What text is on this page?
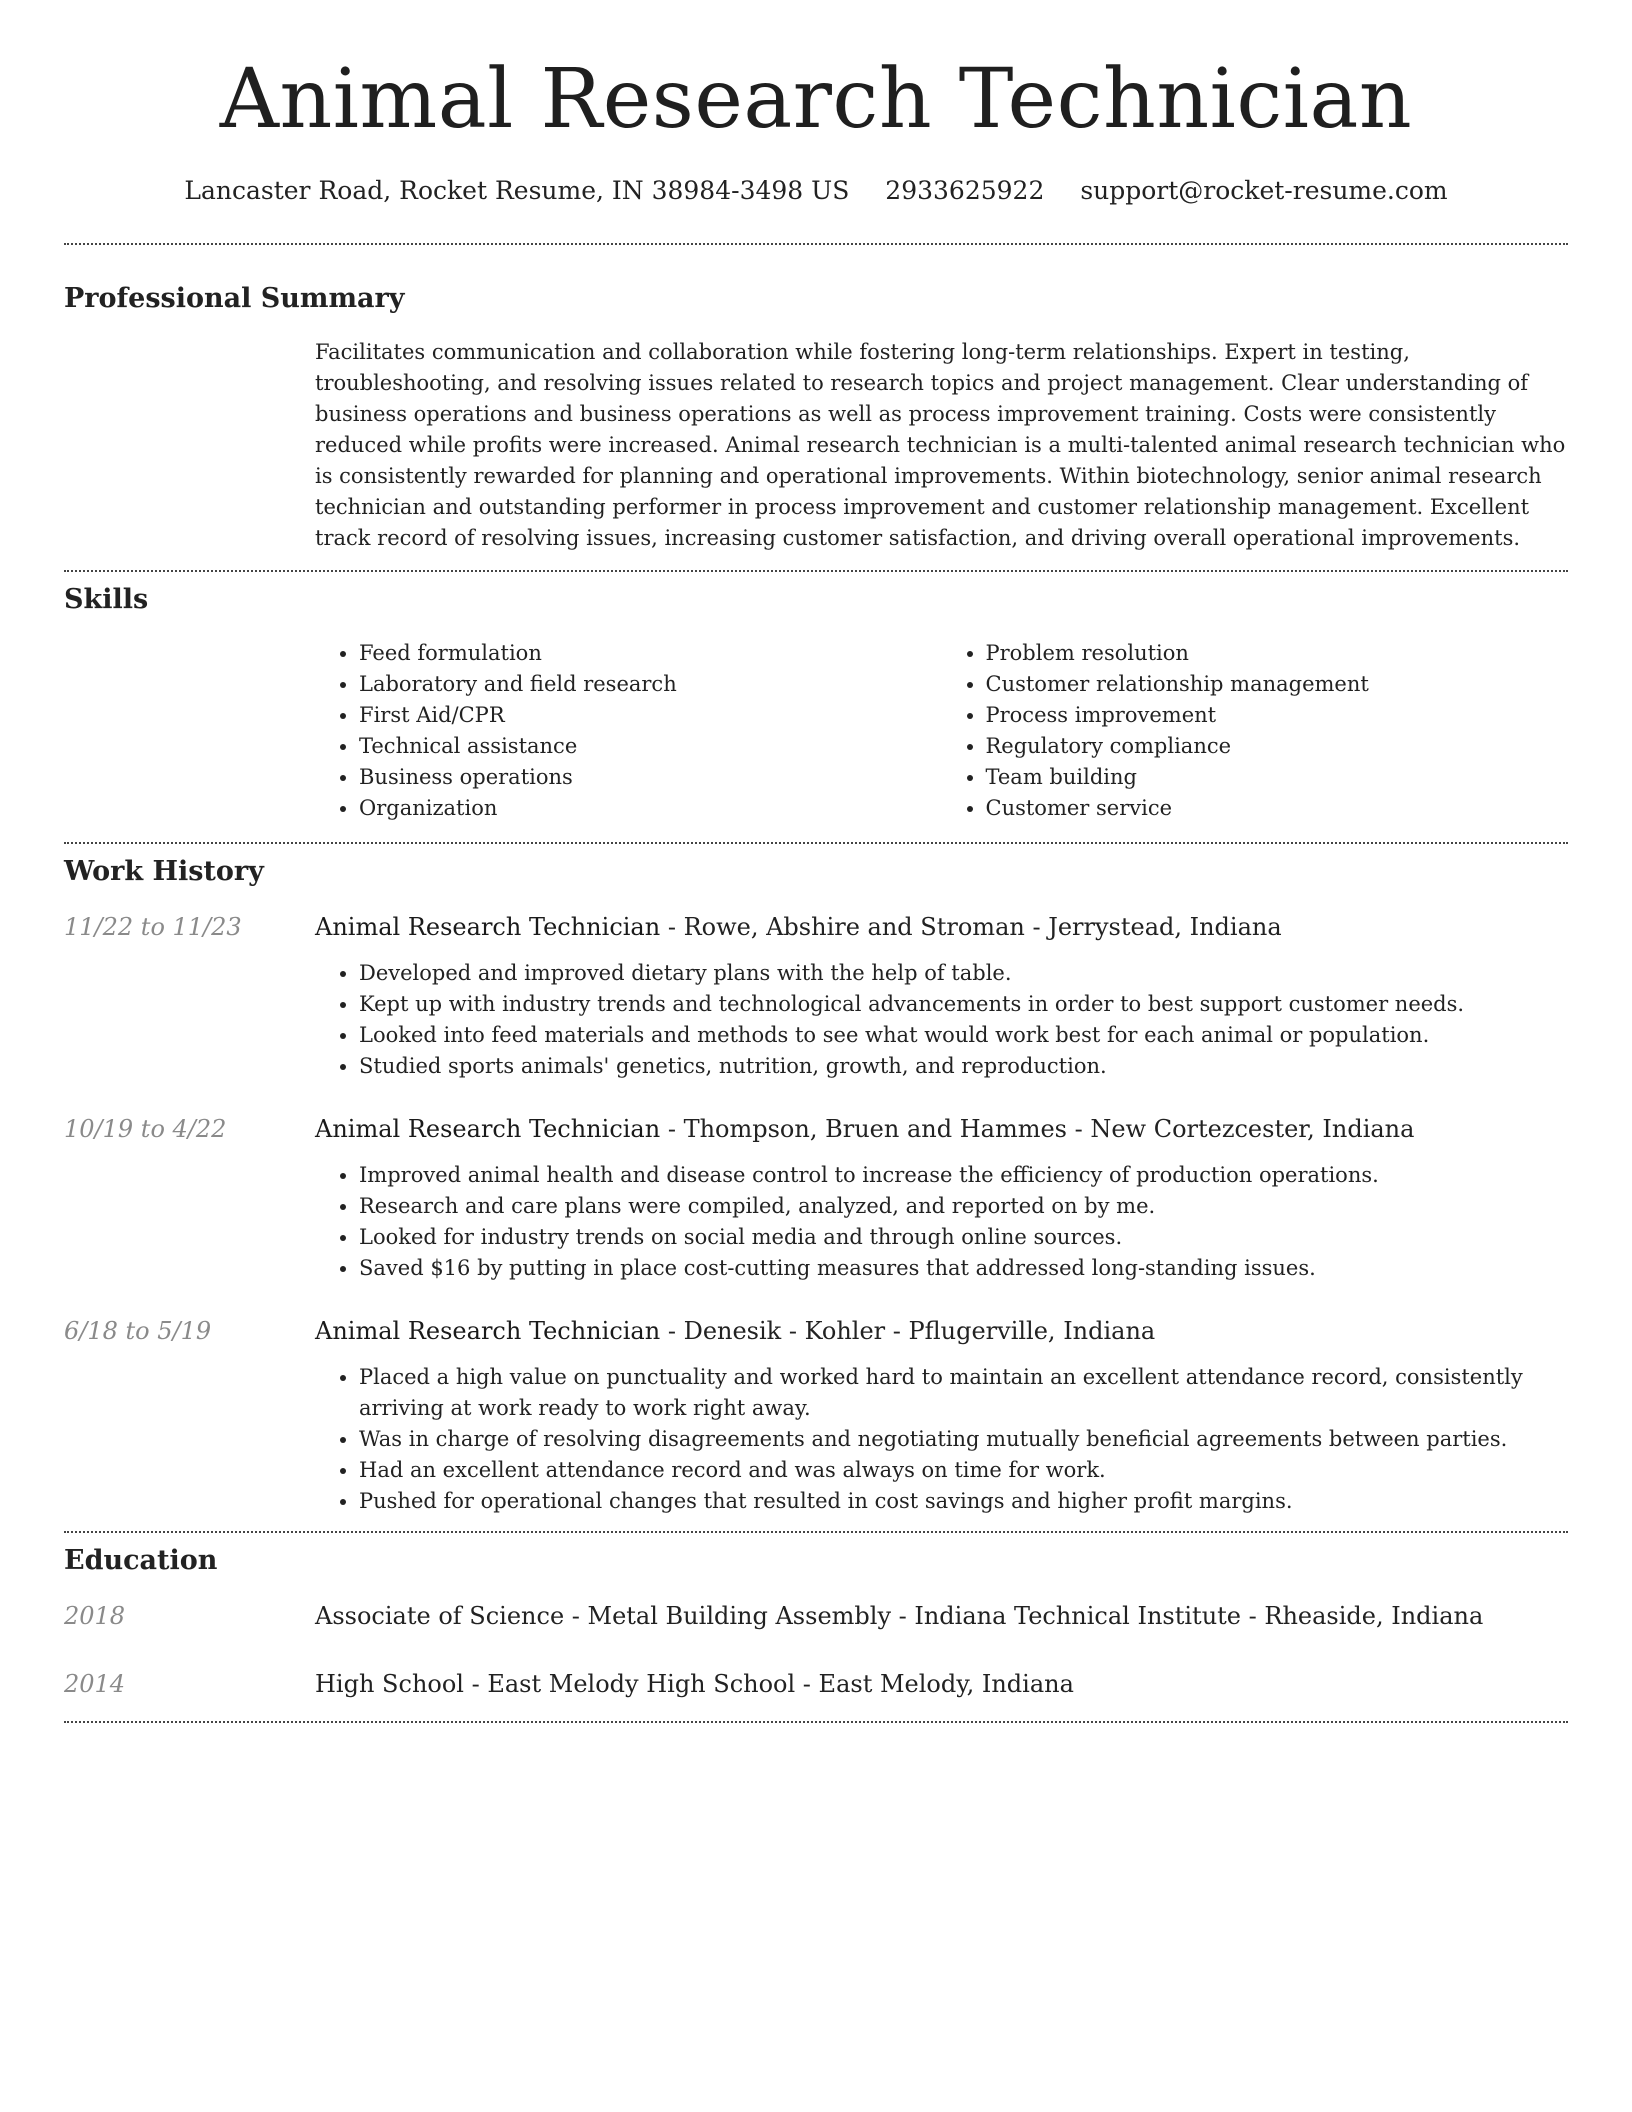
Animal Research Technician
Lancaster Road, Rocket Resume, IN 38984-3498 US 2933625922 support@rocket-resume.com
Professional Summary
Facilitates communication and collaboration while fostering long-term relationships. Expert in testing, troubleshooting, and resolving issues related to research topics and project management. Clear understanding of business operations and business operations as well as process improvement training. Costs were consistently reduced while profits were increased. Animal research technician is a multi-talented animal research technician who is consistently rewarded for planning and operational improvements. Within biotechnology, senior animal research technician and outstanding performer in process improvement and customer relationship management. Excellent track record of resolving issues, increasing customer satisfaction, and driving overall operational improvements.
Skills
• Feed formulation
• Laboratory and field research
• First Aid/CPR
• Technical assistance
• Business operations
• Organization
• Problem resolution
• Customer relationship management
• Process improvement
• Regulatory compliance
• Team building
• Customer service
Work History
11/22 to 11/23	Animal Research Technician - Rowe, Abshire and Stroman - Jerrystead, Indiana
• Developed and improved dietary plans with the help of table.
• Kept up with industry trends and technological advancements in order to best support customer needs.
• Looked into feed materials and methods to see what would work best for each animal or population.
• Studied sports animals' genetics, nutrition, growth, and reproduction.
10/19 to 4/22	Animal Research Technician - Thompson, Bruen and Hammes - New Cortezcester, Indiana
• Improved animal health and disease control to increase the efficiency of production operations.
• Research and care plans were compiled, analyzed, and reported on by me.
• Looked for industry trends on social media and through online sources.
• Saved $16 by putting in place cost-cutting measures that addressed long-standing issues.
6/18 to 5/19	Animal Research Technician - Denesik - Kohler - Pflugerville, Indiana
• Placed a high value on punctuality and worked hard to maintain an excellent attendance record, consistently arriving at work ready to work right away.
• Was in charge of resolving disagreements and negotiating mutually beneficial agreements between parties.
• Had an excellent attendance record and was always on time for work.
• Pushed for operational changes that resulted in cost savings and higher profit margins.
Education
2018	Associate of Science - Metal Building Assembly - Indiana Technical Institute - Rheaside, Indiana
2014	High School - East Melody High School - East Melody, Indiana
